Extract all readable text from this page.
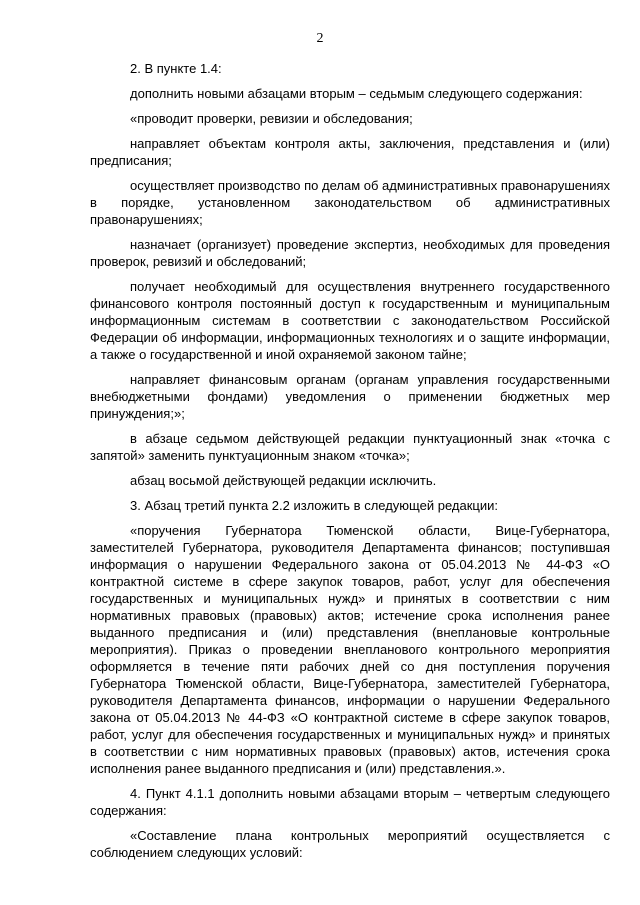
2

2. В пункте 1.4:

дополнить новыми абзацами вторым – седьмым следующего содержания:

«проводит проверки, ревизии и обследования;

направляет объектам контроля акты, заключения, представления и (или) предписания;

осуществляет производство по делам об административных правонарушениях в порядке, установленном законодательством об административных правонарушениях;

назначает (организует) проведение экспертиз, необходимых для проведения проверок, ревизий и обследований;

получает необходимый для осуществления внутреннего государственного финансового контроля постоянный доступ к государственным и муниципальным информационным системам в соответствии с законодательством Российской Федерации об информации, информационных технологиях и о защите информации, а также о государственной и иной охраняемой законом тайне;

направляет финансовым органам (органам управления государственными внебюджетными фондами) уведомления о применении бюджетных мер принуждения;»;

в абзаце седьмом действующей редакции пунктуационный знак «точка с запятой» заменить пунктуационным знаком «точка»;

абзац восьмой действующей редакции исключить.

3. Абзац третий пункта 2.2 изложить в следующей редакции:

«поручения Губернатора Тюменской области, Вице-Губернатора, заместителей Губернатора, руководителя Департамента финансов; поступившая информация о нарушении Федерального закона от 05.04.2013 № 44-ФЗ «О контрактной системе в сфере закупок товаров, работ, услуг для обеспечения государственных и муниципальных нужд» и принятых в соответствии с ним нормативных правовых (правовых) актов; истечение срока исполнения ранее выданного предписания и (или) представления (внеплановые контрольные мероприятия). Приказ о проведении внепланового контрольного мероприятия оформляется в течение пяти рабочих дней со дня поступления поручения Губернатора Тюменской области, Вице-Губернатора, заместителей Губернатора, руководителя Департамента финансов, информации о нарушении Федерального закона от 05.04.2013 № 44-ФЗ «О контрактной системе в сфере закупок товаров, работ, услуг для обеспечения государственных и муниципальных нужд» и принятых в соответствии с ним нормативных правовых (правовых) актов, истечения срока исполнения ранее выданного предписания и (или) представления.».

4. Пункт 4.1.1 дополнить новыми абзацами вторым – четвертым следующего содержания:

«Составление плана контрольных мероприятий осуществляется с соблюдением следующих условий:
